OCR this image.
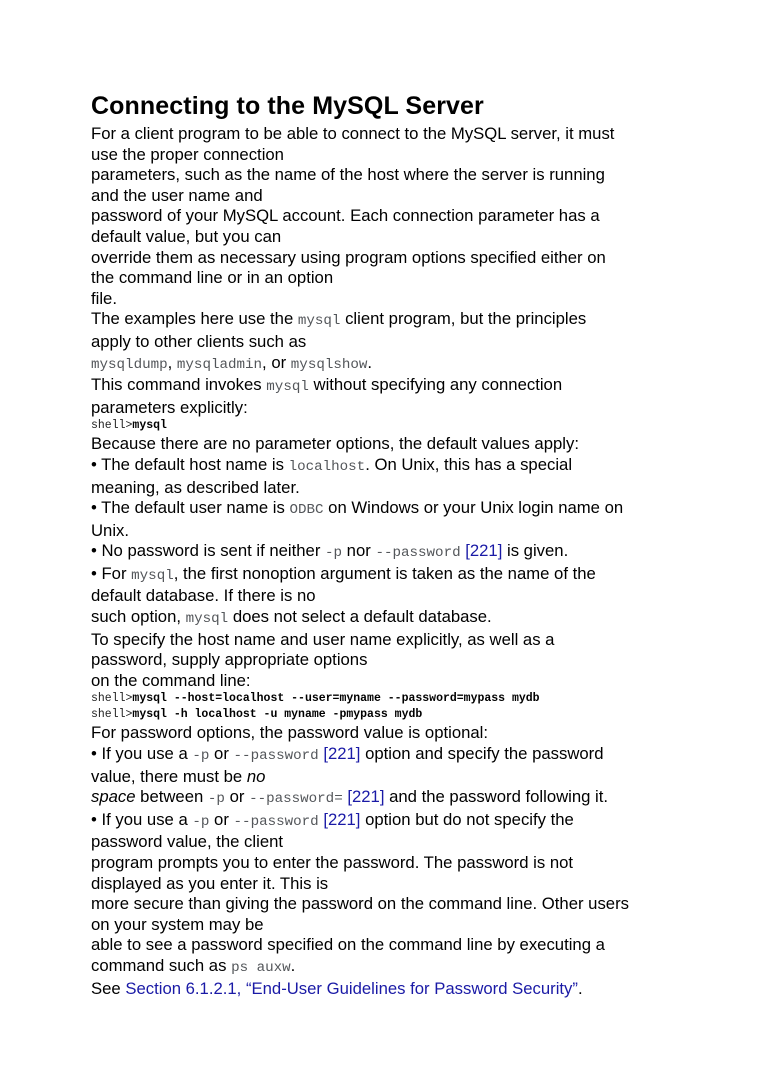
Connecting to the MySQL Server
For a client program to be able to connect to the MySQL server, it must
use the proper connection
parameters, such as the name of the host where the server is running
and the user name and
password of your MySQL account. Each connection parameter has a
default value, but you can
override them as necessary using program options specified either on
the command line or in an option
file.
The examples here use the mysql client program, but the principles
apply to other clients such as
mysqldump, mysqladmin, or mysqlshow.
This command invokes mysql without specifying any connection
parameters explicitly:
shell>mysql
Because there are no parameter options, the default values apply:
• The default host name is localhost. On Unix, this has a special
meaning, as described later.
• The default user name is ODBC on Windows or your Unix login name on
Unix.
• No password is sent if neither -p nor --password [221] is given.
• For mysql, the first nonoption argument is taken as the name of the
default database. If there is no
such option, mysql does not select a default database.
To specify the host name and user name explicitly, as well as a
password, supply appropriate options
on the command line:
shell>mysql --host=localhost --user=myname --password=mypass mydb
shell>mysql -h localhost -u myname -pmypass mydb
For password options, the password value is optional:
• If you use a -p or --password [221] option and specify the password
value, there must be no
space between -p or --password= [221] and the password following it.
• If you use a -p or --password [221] option but do not specify the
password value, the client
program prompts you to enter the password. The password is not
displayed as you enter it. This is
more secure than giving the password on the command line. Other users
on your system may be
able to see a password specified on the command line by executing a
command such as ps auxw.
See Section 6.1.2.1, “End-User Guidelines for Password Security”.
